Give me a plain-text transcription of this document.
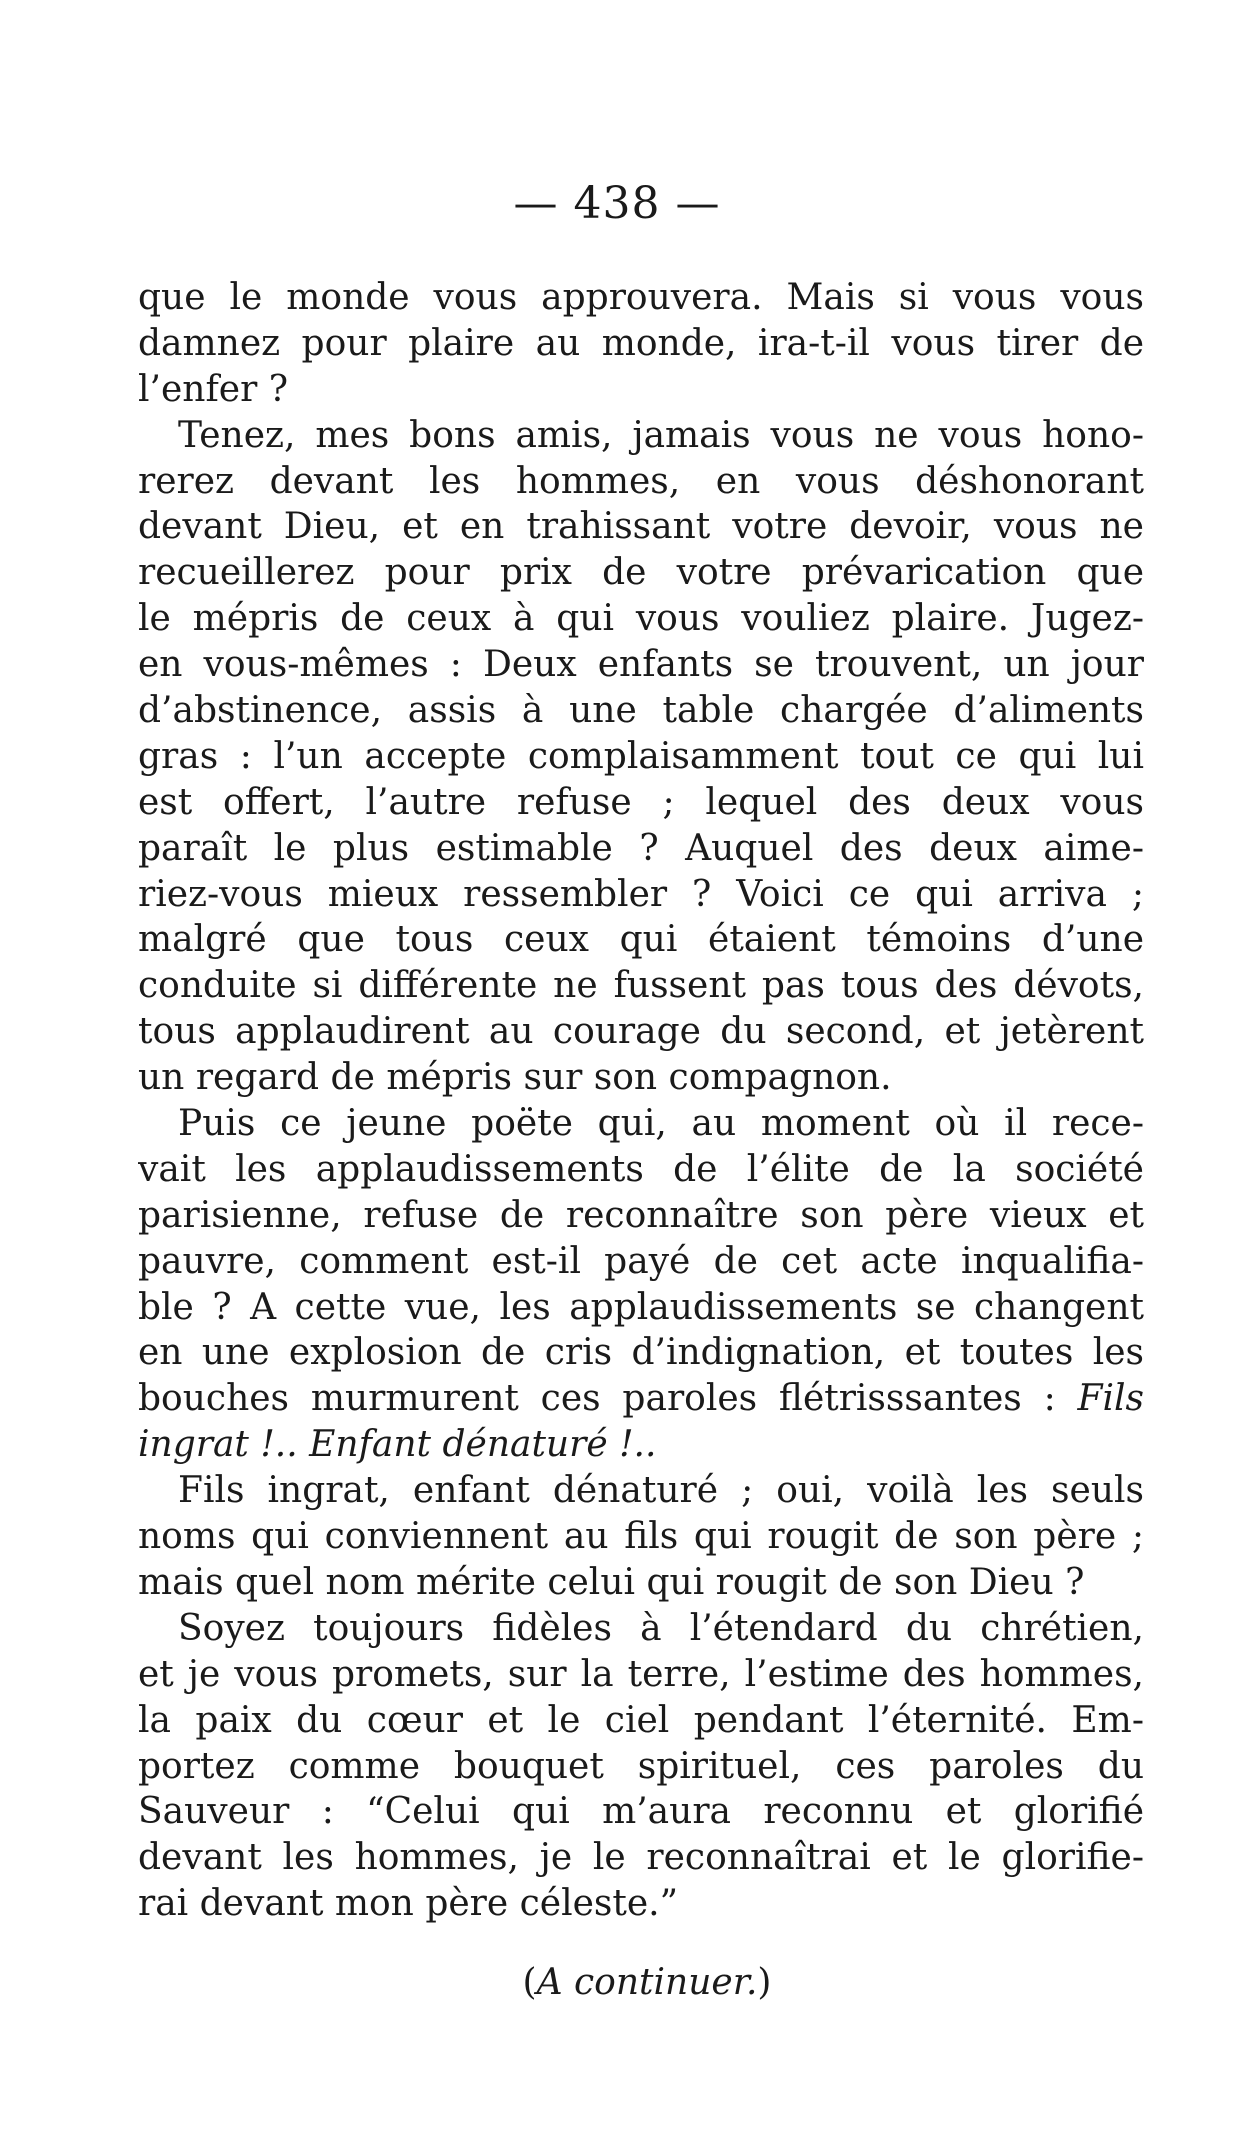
— 438 —
que le monde vous approuvera. Mais si vous vous
damnez pour plaire au monde, ira-t-il vous tirer de
l’enfer ?
Tenez, mes bons amis, jamais vous ne vous hono-
rerez devant les hommes, en vous déshonorant
devant Dieu, et en trahissant votre devoir, vous ne
recueillerez pour prix de votre prévarication que
le mépris de ceux à qui vous vouliez plaire. Jugez-
en vous-mêmes : Deux enfants se trouvent, un jour
d’abstinence, assis à une table chargée d’aliments
gras : l’un accepte complaisamment tout ce qui lui
est offert, l’autre refuse ; lequel des deux vous
paraît le plus estimable ? Auquel des deux aime-
riez-vous mieux ressembler ? Voici ce qui arriva ;
malgré que tous ceux qui étaient témoins d’une
conduite si différente ne fussent pas tous des dévots,
tous applaudirent au courage du second, et jetèrent
un regard de mépris sur son compagnon.
Puis ce jeune poëte qui, au moment où il rece-
vait les applaudissements de l’élite de la société
parisienne, refuse de reconnaître son père vieux et
pauvre, comment est-il payé de cet acte inqualifia-
ble ? A cette vue, les applaudissements se changent
en une explosion de cris d’indignation, et toutes les
bouches murmurent ces paroles flétrisssantes : Fils
ingrat !.. Enfant dénaturé !..
Fils ingrat, enfant dénaturé ; oui, voilà les seuls
noms qui conviennent au fils qui rougit de son père ;
mais quel nom mérite celui qui rougit de son Dieu ?
Soyez toujours fidèles à l’étendard du chrétien,
et je vous promets, sur la terre, l’estime des hommes,
la paix du cœur et le ciel pendant l’éternité. Em-
portez comme bouquet spirituel, ces paroles du
Sauveur : “Celui qui m’aura reconnu et glorifié
devant les hommes, je le reconnaîtrai et le glorifie-
rai devant mon père céleste.”
(A continuer.)
